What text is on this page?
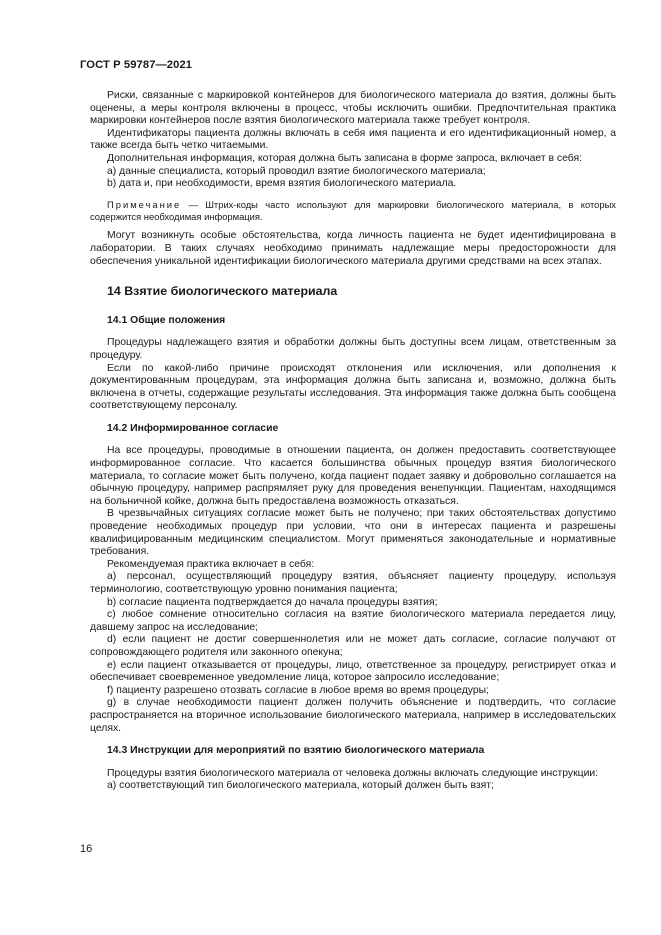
ГОСТ Р 59787—2021

Риски, связанные с маркировкой контейнеров для биологического материала до взятия, должны быть оценены, а меры контроля включены в процесс, чтобы исключить ошибки. Предпочтительная практика маркировки контейнеров после взятия биологического материала также требует контроля.

Идентификаторы пациента должны включать в себя имя пациента и его идентификационный номер, а также всегда быть четко читаемыми.

Дополнительная информация, которая должна быть записана в форме запроса, включает в себя:

a) данные специалиста, который проводил взятие биологического материала;

b) дата и, при необходимости, время взятия биологического материала.

Примечание — Штрих-коды часто используют для маркировки биологического материала, в которых содержится необходимая информация.

Могут возникнуть особые обстоятельства, когда личность пациента не будет идентифицирована в лаборатории. В таких случаях необходимо принимать надлежащие меры предосторожности для обеспечения уникальной идентификации биологического материала другими средствами на всех этапах.

14 Взятие биологического материала

14.1 Общие положения

Процедуры надлежащего взятия и обработки должны быть доступны всем лицам, ответственным за процедуру.

Если по какой-либо причине происходят отклонения или исключения, или дополнения к документированным процедурам, эта информация должна быть записана и, возможно, должна быть включена в отчеты, содержащие результаты исследования. Эта информация также должна быть сообщена соответствующему персоналу.

14.2 Информированное согласие

На все процедуры, проводимые в отношении пациента, он должен предоставить соответствующее информированное согласие. Что касается большинства обычных процедур взятия биологического материала, то согласие может быть получено, когда пациент подает заявку и добровольно соглашается на обычную процедуру, например распрямляет руку для проведения венепункции. Пациентам, находящимся на больничной койке, должна быть предоставлена возможность отказаться.

В чрезвычайных ситуациях согласие может быть не получено; при таких обстоятельствах допустимо проведение необходимых процедур при условии, что они в интересах пациента и разрешены квалифицированным медицинским специалистом. Могут применяться законодательные и нормативные требования.

Рекомендуемая практика включает в себя:

a) персонал, осуществляющий процедуру взятия, объясняет пациенту процедуру, используя терминологию, соответствующую уровню понимания пациента;

b) согласие пациента подтверждается до начала процедуры взятия;

c) любое сомнение относительно согласия на взятие биологического материала передается лицу, давшему запрос на исследование;

d) если пациент не достиг совершеннолетия или не может дать согласие, согласие получают от сопровождающего родителя или законного опекуна;

e) если пациент отказывается от процедуры, лицо, ответственное за процедуру, регистрирует отказ и обеспечивает своевременное уведомление лица, которое запросило исследование;

f) пациенту разрешено отозвать согласие в любое время во время процедуры;

g) в случае необходимости пациент должен получить объяснение и подтвердить, что согласие распространяется на вторичное использование биологического материала, например в исследовательских целях.

14.3 Инструкции для мероприятий по взятию биологического материала

Процедуры взятия биологического материала от человека должны включать следующие инструкции:

a) соответствующий тип биологического материала, который должен быть взят;

16
